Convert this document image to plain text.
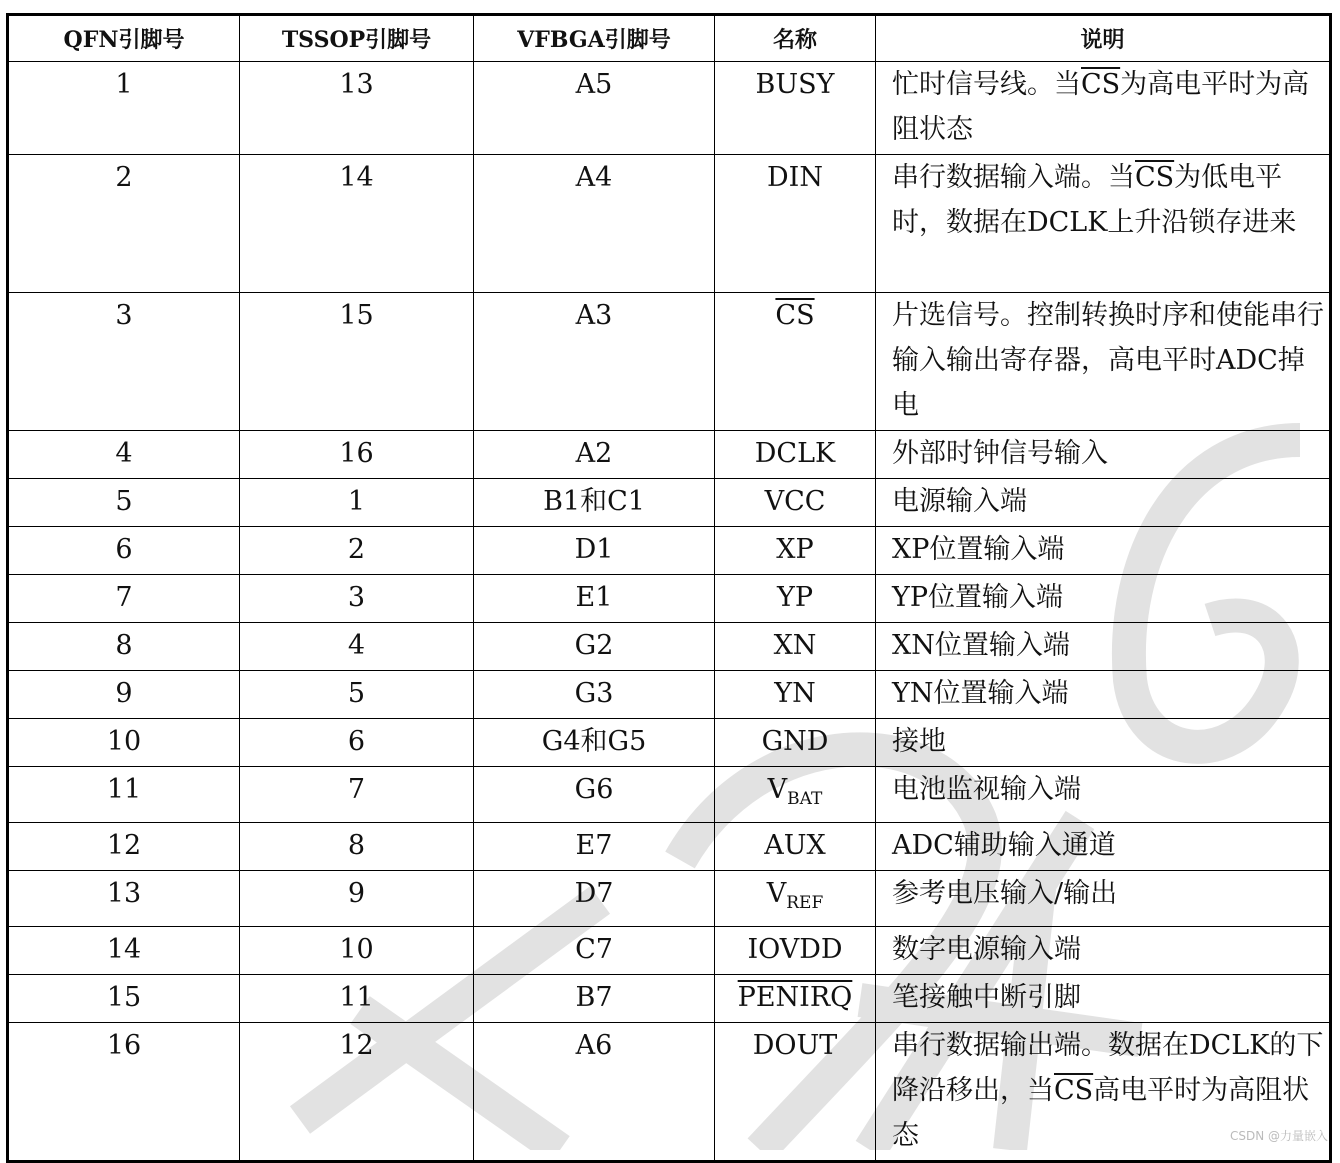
QFN引脚号	TSSOP引脚号	VFBGA引脚号	名称	说明
1	13	A5	BUSY	忙时信号线。当$\overline{CS}$为高电平时为高阻状态
2	14	A4	DIN	串行数据输入端。当$\overline{CS}$为低电平时，数据在DCLK上升沿锁存进来
3	15	A3	$\overline{CS}$	片选信号。控制转换时序和使能串行输入输出寄存器，高电平时ADC掉电
4	16	A2	DCLK	外部时钟信号输入
5	1	B1和C1	VCC	电源输入端
6	2	D1	XP	XP位置输入端
7	3	E1	YP	YP位置输入端
8	4	G2	XN	XN位置输入端
9	5	G3	YN	YN位置输入端
10	6	G4和G5	GND	接地
11	7	G6	$V_{BAT}$	电池监视输入端
12	8	E7	AUX	ADC辅助输入通道
13	9	D7	$V_{REF}$	参考电压输入/输出
14	10	C7	IOVDD	数字电源输入端
15	11	B7	PENIRQ	笔接触中断引脚
16	12	A6	DOUT	串行数据输出端。数据在DCLK的下降沿移出，当$\overline{CS}$高电平时为高阻状态	CSDN @力量嵌入
